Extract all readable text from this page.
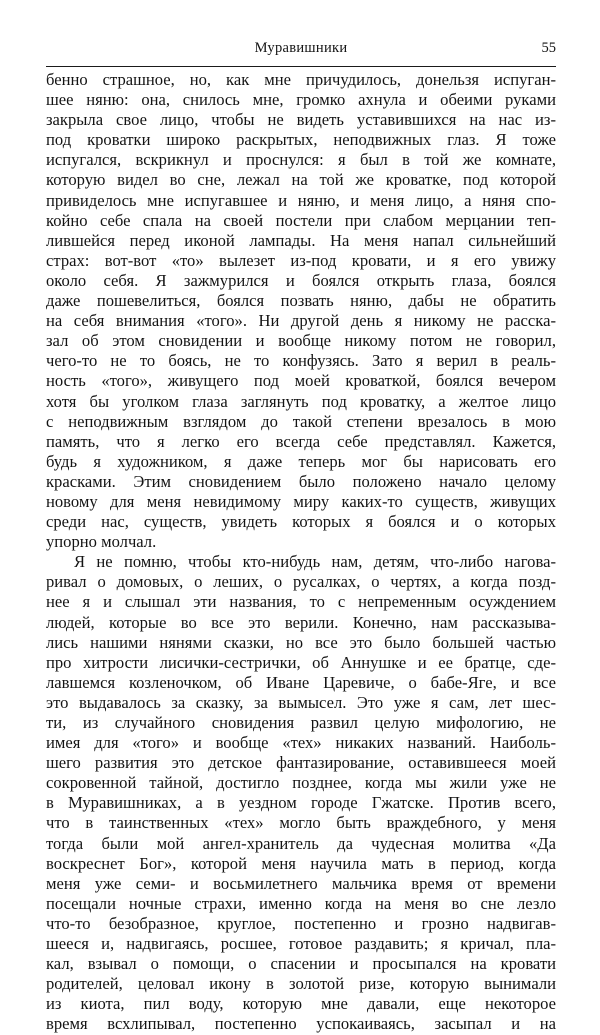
Муравишники	55
бенно страшное, но, как мне причудилось, донельзя испуган-
шее няню: она, снилось мне, громко ахнула и обеими руками
закрыла свое лицо, чтобы не видеть уставившихся на нас из-
под кроватки широко раскрытых, неподвижных глаз. Я тоже
испугался, вскрикнул и проснулся: я был в той же комнате,
которую видел во сне, лежал на той же кроватке, под которой
привиделось мне испугавшее и няню, и меня лицо, а няня спо-
койно себе спала на своей постели при слабом мерцании теп-
лившейся перед иконой лампады. На меня напал сильнейший
страх: вот-вот «то» вылезет из-под кровати, и я его увижу
около себя. Я зажмурился и боялся открыть глаза, боялся
даже пошевелиться, боялся позвать няню, дабы не обратить
на себя внимания «того». Ни другой день я никому не расска-
зал об этом сновидении и вообще никому потом не говорил,
чего-то не то боясь, не то конфузясь. Зато я верил в реаль-
ность «того», живущего под моей кроваткой, боялся вечером
хотя бы уголком глаза заглянуть под кроватку, а желтое лицо
с неподвижным взглядом до такой степени врезалось в мою
память, что я легко его всегда себе представлял. Кажется,
будь я художником, я даже теперь мог бы нарисовать его
красками. Этим сновидением было положено начало целому
новому для меня невидимому миру каких-то существ, живущих
среди нас, существ, увидеть которых я боялся и о которых
упорно молчал.
Я не помню, чтобы кто-нибудь нам, детям, что-либо нагова-
ривал о домовых, о леших, о русалках, о чертях, а когда позд-
нее я и слышал эти названия, то с непременным осуждением
людей, которые во все это верили. Конечно, нам рассказыва-
лись нашими нянями сказки, но все это было большей частью
про хитрости лисички-сестрички, об Аннушке и ее братце, сде-
лавшемся козленочком, об Иване Царевиче, о бабе-Яге, и все
это выдавалось за сказку, за вымысел. Это уже я сам, лет шес-
ти, из случайного сновидения развил целую мифологию, не
имея для «того» и вообще «тех» никаких названий. Наиболь-
шего развития это детское фантазирование, оставившееся моей
сокровенной тайной, достигло позднее, когда мы жили уже не
в Муравишниках, а в уездном городе Гжатске. Против всего,
что в таинственных «тех» могло быть враждебного, у меня
тогда были мой ангел-хранитель да чудесная молитва «Да
воскреснет Бог», которой меня научила мать в период, когда
меня уже семи- и восьмилетнего мальчика время от времени
посещали ночные страхи, именно когда на меня во сне лезло
что-то безобразное, круглое, постепенно и грозно надвигав-
шееся и, надвигаясь, росшее, готовое раздавить; я кричал, пла-
кал, взывал о помощи, о спасении и просыпался на кровати
родителей, целовал икону в золотой ризе, которую вынимали
из киота, пил воду, которую мне давали, еще некоторое
время всхлипывал, постепенно успокаиваясь, засыпал и на
